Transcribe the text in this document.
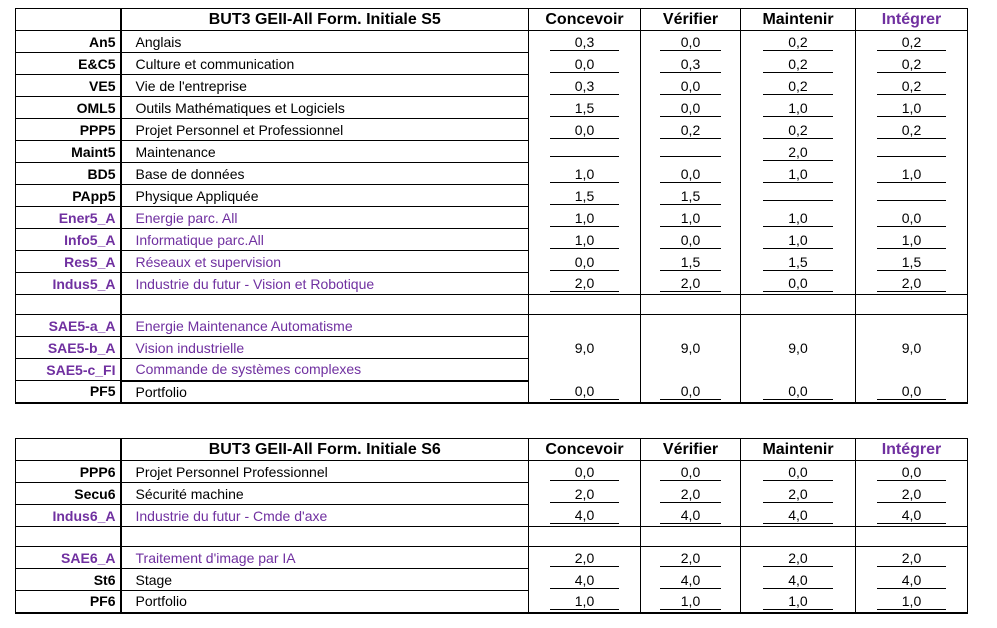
	BUT3 GEII-All Form. Initiale S5	Concevoir	Vérifier	Maintenir	Intégrer
An5	Anglais	0,3	0,0	0,2	0,2
E&C5	Culture et communication	0,0	0,3	0,2	0,2
VE5	Vie de l'entreprise	0,3	0,0	0,2	0,2
OML5	Outils Mathématiques et Logiciels	1,5	0,0	1,0	1,0
PPP5	Projet Personnel et Professionnel	0,0	0,2	0,2	0,2
Maint5	Maintenance			2,0	
BD5	Base de données	1,0	0,0	1,0	1,0
PApp5	Physique Appliquée	1,5	1,5		
Ener5_A	Energie parc. All	1,0	1,0	1,0	0,0
Info5_A	Informatique parc.All	1,0	0,0	1,0	1,0
Res5_A	Réseaux et supervision	0,0	1,5	1,5	1,5
Indus5_A	Industrie du futur - Vision et Robotique	2,0	2,0	0,0	2,0

SAE5-a_A	Energie Maintenance Automatisme	9,0	9,0	9,0	9,0
SAE5-b_A	Vision industrielle				
SAE5-c_FI	Commande de systèmes complexes				
PF5	Portfolio	0,0	0,0	0,0	0,0
	BUT3 GEII-All Form. Initiale S6	Concevoir	Vérifier	Maintenir	Intégrer
PPP6	Projet Personnel Professionnel	0,0	0,0	0,0	0,0
Secu6	Sécurité machine	2,0	2,0	2,0	2,0
Indus6_A	Industrie du futur - Cmde d'axe	4,0	4,0	4,0	4,0

SAE6_A	Traitement d'image par IA	2,0	2,0	2,0	2,0
St6	Stage	4,0	4,0	4,0	4,0
PF6	Portfolio	1,0	1,0	1,0	1,0
